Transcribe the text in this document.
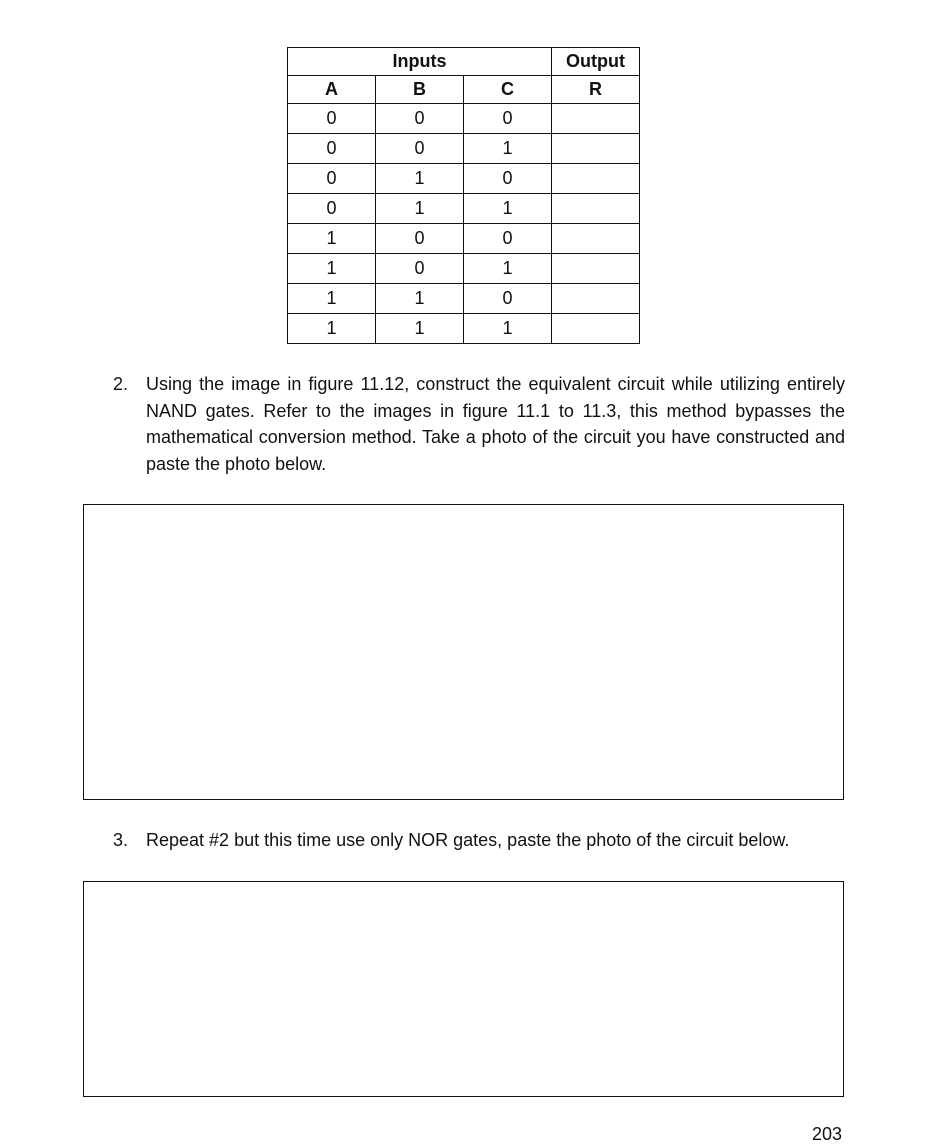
Inputs			Output
A	B	C	R
0	0	0	
0	0	1	
0	1	0	
0	1	1	
1	0	0	
1	0	1	
1	1	0	
1	1	1	
2. Using the image in figure 11.12, construct the equivalent circuit while utilizing entirely NAND gates. Refer to the images in figure 11.1 to 11.3, this method bypasses the mathematical conversion method. Take a photo of the circuit you have constructed and paste the photo below.
3. Repeat #2 but this time use only NOR gates, paste the photo of the circuit below.
203
